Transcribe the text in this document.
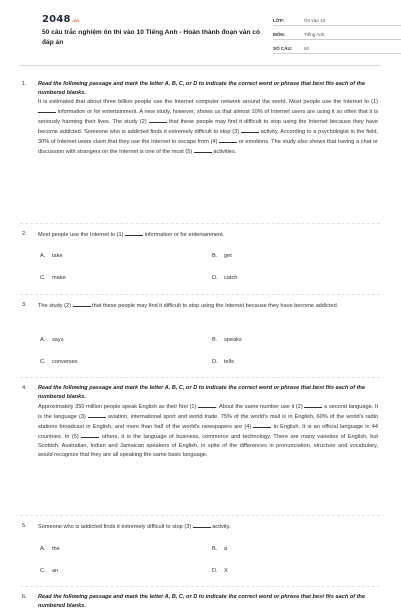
2048.vn
50 câu trắc nghiệm ôn thi vào 10 Tiếng Anh - Hoàn thành đoạn văn có đáp án
LỚP:	Ôn vào 10
MÔN:	Tiếng Anh
SỐ CÂU:	50
1.	Read the following passage and mark the letter A, B, C, or D to indicate the correct word or phrase that best fits each of the numbered blanks.
It is estimated that about three billion people use the Internet computer network around the world. Most people use the Internet to (1)  information or for entertainment. A new study, however, shows us that almost 10% of Internet users are using it so often that it is seriously harming their lives. The study (2)	that these people may find it difficult to stop using the Internet because they have become addicted. Someone who is addicted finds it extremely difficult to stop (3)	activity. According to a psychologist in the field, 30% of Internet users claim that they use the Internet to escape from (4)	or emotions. The study also shows that having a chat or discussion with strangers on the Internet is one of the most (5)	activities.
2.	Most people use the Internet to (1)	information or for entertainment.
A. take	B. get
C. make	D. catch
3.	The study (2)	that these people may find it difficult to stop using the Internet because they have become addicted.
A. says	B. speaks
C. converses	D. tells
4.	Read the following passage and mark the letter A, B, C, or D to indicate the correct word or phrase that best fits each of the numbered blanks.
Approximately 350 million people speak English as their first (1)	. About the same number use it (2)	a second language. It is the language (3)	aviation, international sport and world trade. 75% of the world's mail is in English, 60% of the world's radio stations broadcast in English, and more than half of the world's newspapers are (4)	in English. It is an official language in 44 countries. In (5)	others, it is the language of business, commerce and technology. There are many varieties of English, but Scottish, Australian, Indian and Jamaican speakers of English, in spite of the differences in pronunciation, structure and vocabulary, would recognize that they are all speaking the same basic language.
5.	Someone who is addicted finds it extremely difficult to stop (3)	activity.
A. the	B. a
C. an	D. X
6.	Read the following passage and mark the letter A, B, C, or D to indicate the correct word or phrase that best fits each of the numbered blanks.
